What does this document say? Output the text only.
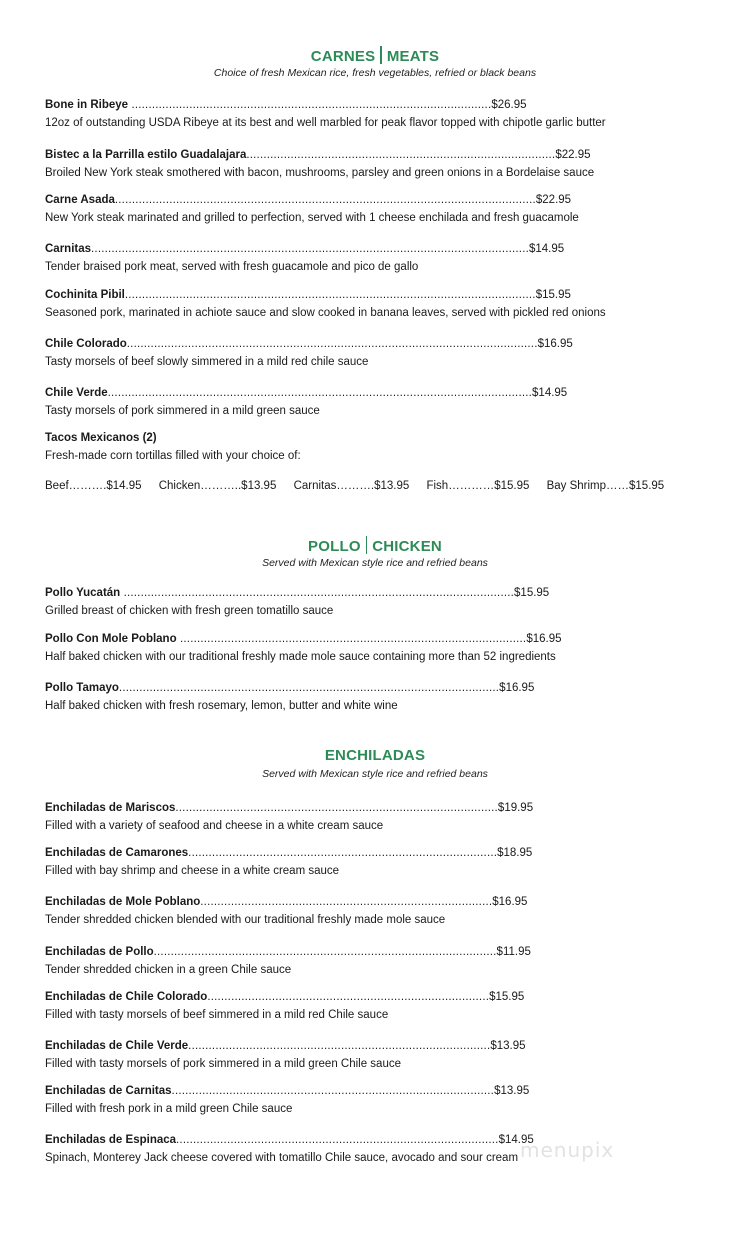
CARNES MEATS
Choice of fresh Mexican rice, fresh vegetables, refried or black beans
Bone in Ribeye ..........................................................................................................$26.95
12oz of outstanding USDA Ribeye at its best and well marbled for peak flavor topped with chipotle garlic butter
Bistec a la Parrilla estilo Guadalajara...........................................................................................$22.95
Broiled New York steak smothered with bacon, mushrooms, parsley and green onions in a Bordelaise sauce
Carne Asada............................................................................................................................$22.95
New York steak marinated and grilled to perfection, served with 1 cheese enchilada and fresh guacamole
Carnitas.................................................................................................................................$14.95
Tender braised pork meat, served with fresh guacamole and pico de gallo
Cochinita Pibil.........................................................................................................................$15.95
Seasoned pork, marinated in achiote sauce and slow cooked in banana leaves, served with pickled red onions
Chile Colorado.........................................................................................................................$16.95
Tasty morsels of beef slowly simmered in a mild red chile sauce
Chile Verde.............................................................................................................................$14.95
Tasty morsels of pork simmered in a mild green sauce
Tacos Mexicanos (2)
Fresh-made corn tortillas filled with your choice of:
Beef……….$14.95 Chicken………..$13.95 Carnitas……….$13.95 Fish…………$15.95 Bay Shrimp……$15.95
POLLO CHICKEN
Served with Mexican style rice and refried beans
Pollo Yucatán ...................................................................................................................$15.95
Grilled breast of chicken with fresh green tomatillo sauce
Pollo Con Mole Poblano ......................................................................................................$16.95
Half baked chicken with our traditional freshly made mole sauce containing more than 52 ingredients
Pollo Tamayo................................................................................................................$16.95
Half baked chicken with fresh rosemary, lemon, butter and white wine
ENCHILADAS
Served with Mexican style rice and refried beans
Enchiladas de Mariscos...............................................................................................$19.95
Filled with a variety of seafood and cheese in a white cream sauce
Enchiladas de Camarones...........................................................................................$18.95
Filled with bay shrimp and cheese in a white cream sauce
Enchiladas de Mole Poblano......................................................................................$16.95
Tender shredded chicken blended with our traditional freshly made mole sauce
Enchiladas de Pollo.....................................................................................................$11.95
Tender shredded chicken in a green Chile sauce
Enchiladas de Chile Colorado...................................................................................$15.95
Filled with tasty morsels of beef simmered in a mild red Chile sauce
Enchiladas de Chile Verde.........................................................................................$13.95
Filled with tasty morsels of pork simmered in a mild green Chile sauce
Enchiladas de Carnitas...............................................................................................$13.95
Filled with fresh pork in a mild green Chile sauce
Enchiladas de Espinaca...............................................................................................$14.95
Spinach, Monterey Jack cheese covered with tomatillo Chile sauce, avocado and sour cream menupix
